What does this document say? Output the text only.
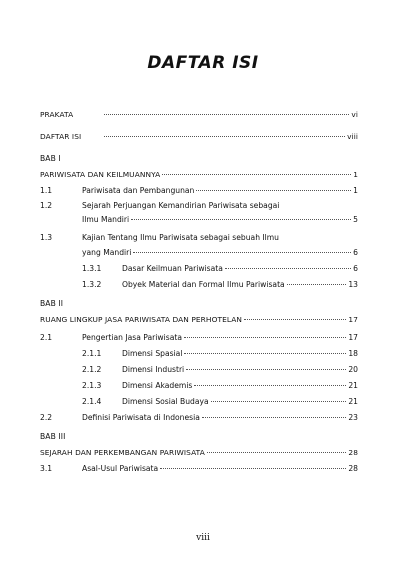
DAFTAR ISI
PRAKATA	vi
DAFTAR ISI	viii
BAB I
PARIWISATA DAN KEILMUANNYA	1
1.1	Pariwisata dan Pembangunan	1
1.2	Sejarah Perjuangan Kemandirian Pariwisata sebagai
Ilmu Mandiri	5
1.3	Kajian Tentang Ilmu Pariwisata sebagai sebuah Ilmu
yang Mandiri	6
1.3.1	Dasar Keilmuan Pariwisata	6
1.3.2	Obyek Material dan Formal Ilmu Pariwisata	13
BAB II
RUANG LINGKUP JASA PARIWISATA DAN PERHOTELAN	17
2.1	Pengertian Jasa Pariwisata	17
2.1.1	Dimensi Spasial	18
2.1.2	Dimensi Industri	20
2.1.3	Dimensi Akademis	21
2.1.4	Dimensi Sosial Budaya	21
2.2	Definisi Pariwisata di Indonesia	23
BAB III
SEJARAH DAN PERKEMBANGAN PARIWISATA	28
3.1	Asal-Usul Pariwisata	28
viii
